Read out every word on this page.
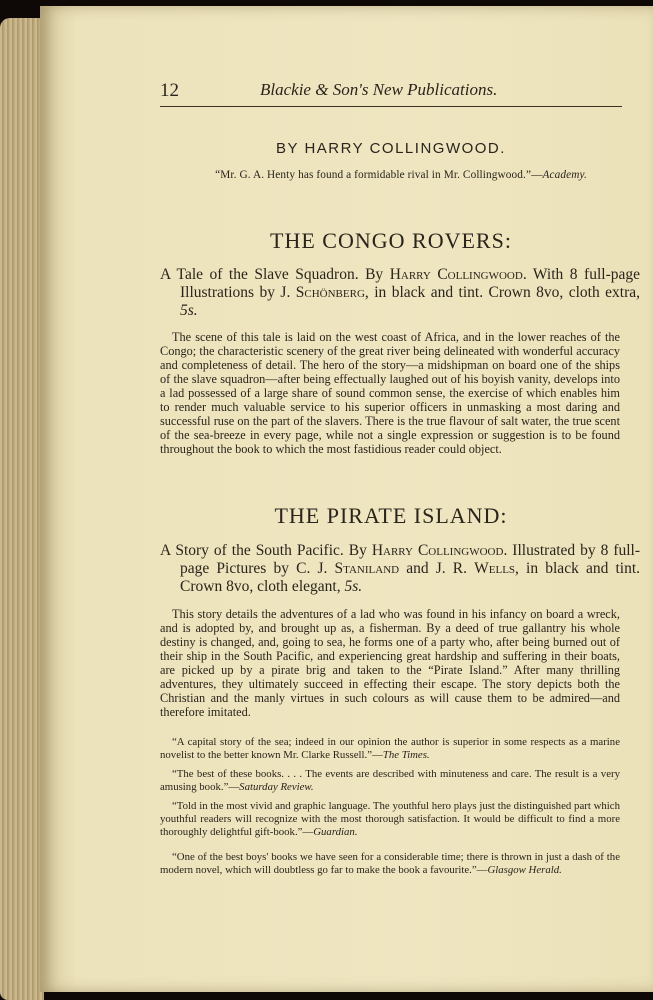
12	Blackie & Son's New Publications.
BY HARRY COLLINGWOOD.
“Mr. G. A. Henty has found a formidable rival in Mr. Collingwood.”—Academy.
THE CONGO ROVERS:
A Tale of the Slave Squadron. By Harry Collingwood. With 8 full-page Illustrations by J. Schönberg, in black and tint. Crown 8vo, cloth extra, 5s.
The scene of this tale is laid on the west coast of Africa, and in the lower reaches of the Congo; the characteristic scenery of the great river being delineated with wonderful accuracy and completeness of detail. The hero of the story—a midshipman on board one of the ships of the slave squadron—after being effectually laughed out of his boyish vanity, develops into a lad possessed of a large share of sound common sense, the exercise of which enables him to render much valuable service to his superior officers in unmasking a most daring and successful ruse on the part of the slavers. There is the true flavour of salt water, the true scent of the sea-breeze in every page, while not a single expression or suggestion is to be found throughout the book to which the most fastidious reader could object.
THE PIRATE ISLAND:
A Story of the South Pacific. By Harry Collingwood. Illustrated by 8 full-page Pictures by C. J. Staniland and J. R. Wells, in black and tint. Crown 8vo, cloth elegant, 5s.
This story details the adventures of a lad who was found in his infancy on board a wreck, and is adopted by, and brought up as, a fisherman. By a deed of true gallantry his whole destiny is changed, and, going to sea, he forms one of a party who, after being burned out of their ship in the South Pacific, and experiencing great hardship and suffering in their boats, are picked up by a pirate brig and taken to the “Pirate Island.” After many thrilling adventures, they ultimately succeed in effecting their escape. The story depicts both the Christian and the manly virtues in such colours as will cause them to be admired—and therefore imitated.
“A capital story of the sea; indeed in our opinion the author is superior in some respects as a marine novelist to the better known Mr. Clarke Russell.”—The Times.
“The best of these books. . . . The events are described with minuteness and care. The result is a very amusing book.”—Saturday Review.
“Told in the most vivid and graphic language. The youthful hero plays just the distinguished part which youthful readers will recognize with the most thorough satisfaction. It would be difficult to find a more thoroughly delightful gift-book.”—Guardian.
“One of the best boys' books we have seen for a considerable time; there is thrown in just a dash of the modern novel, which will doubtless go far to make the book a favourite.”—Glasgow Herald.
